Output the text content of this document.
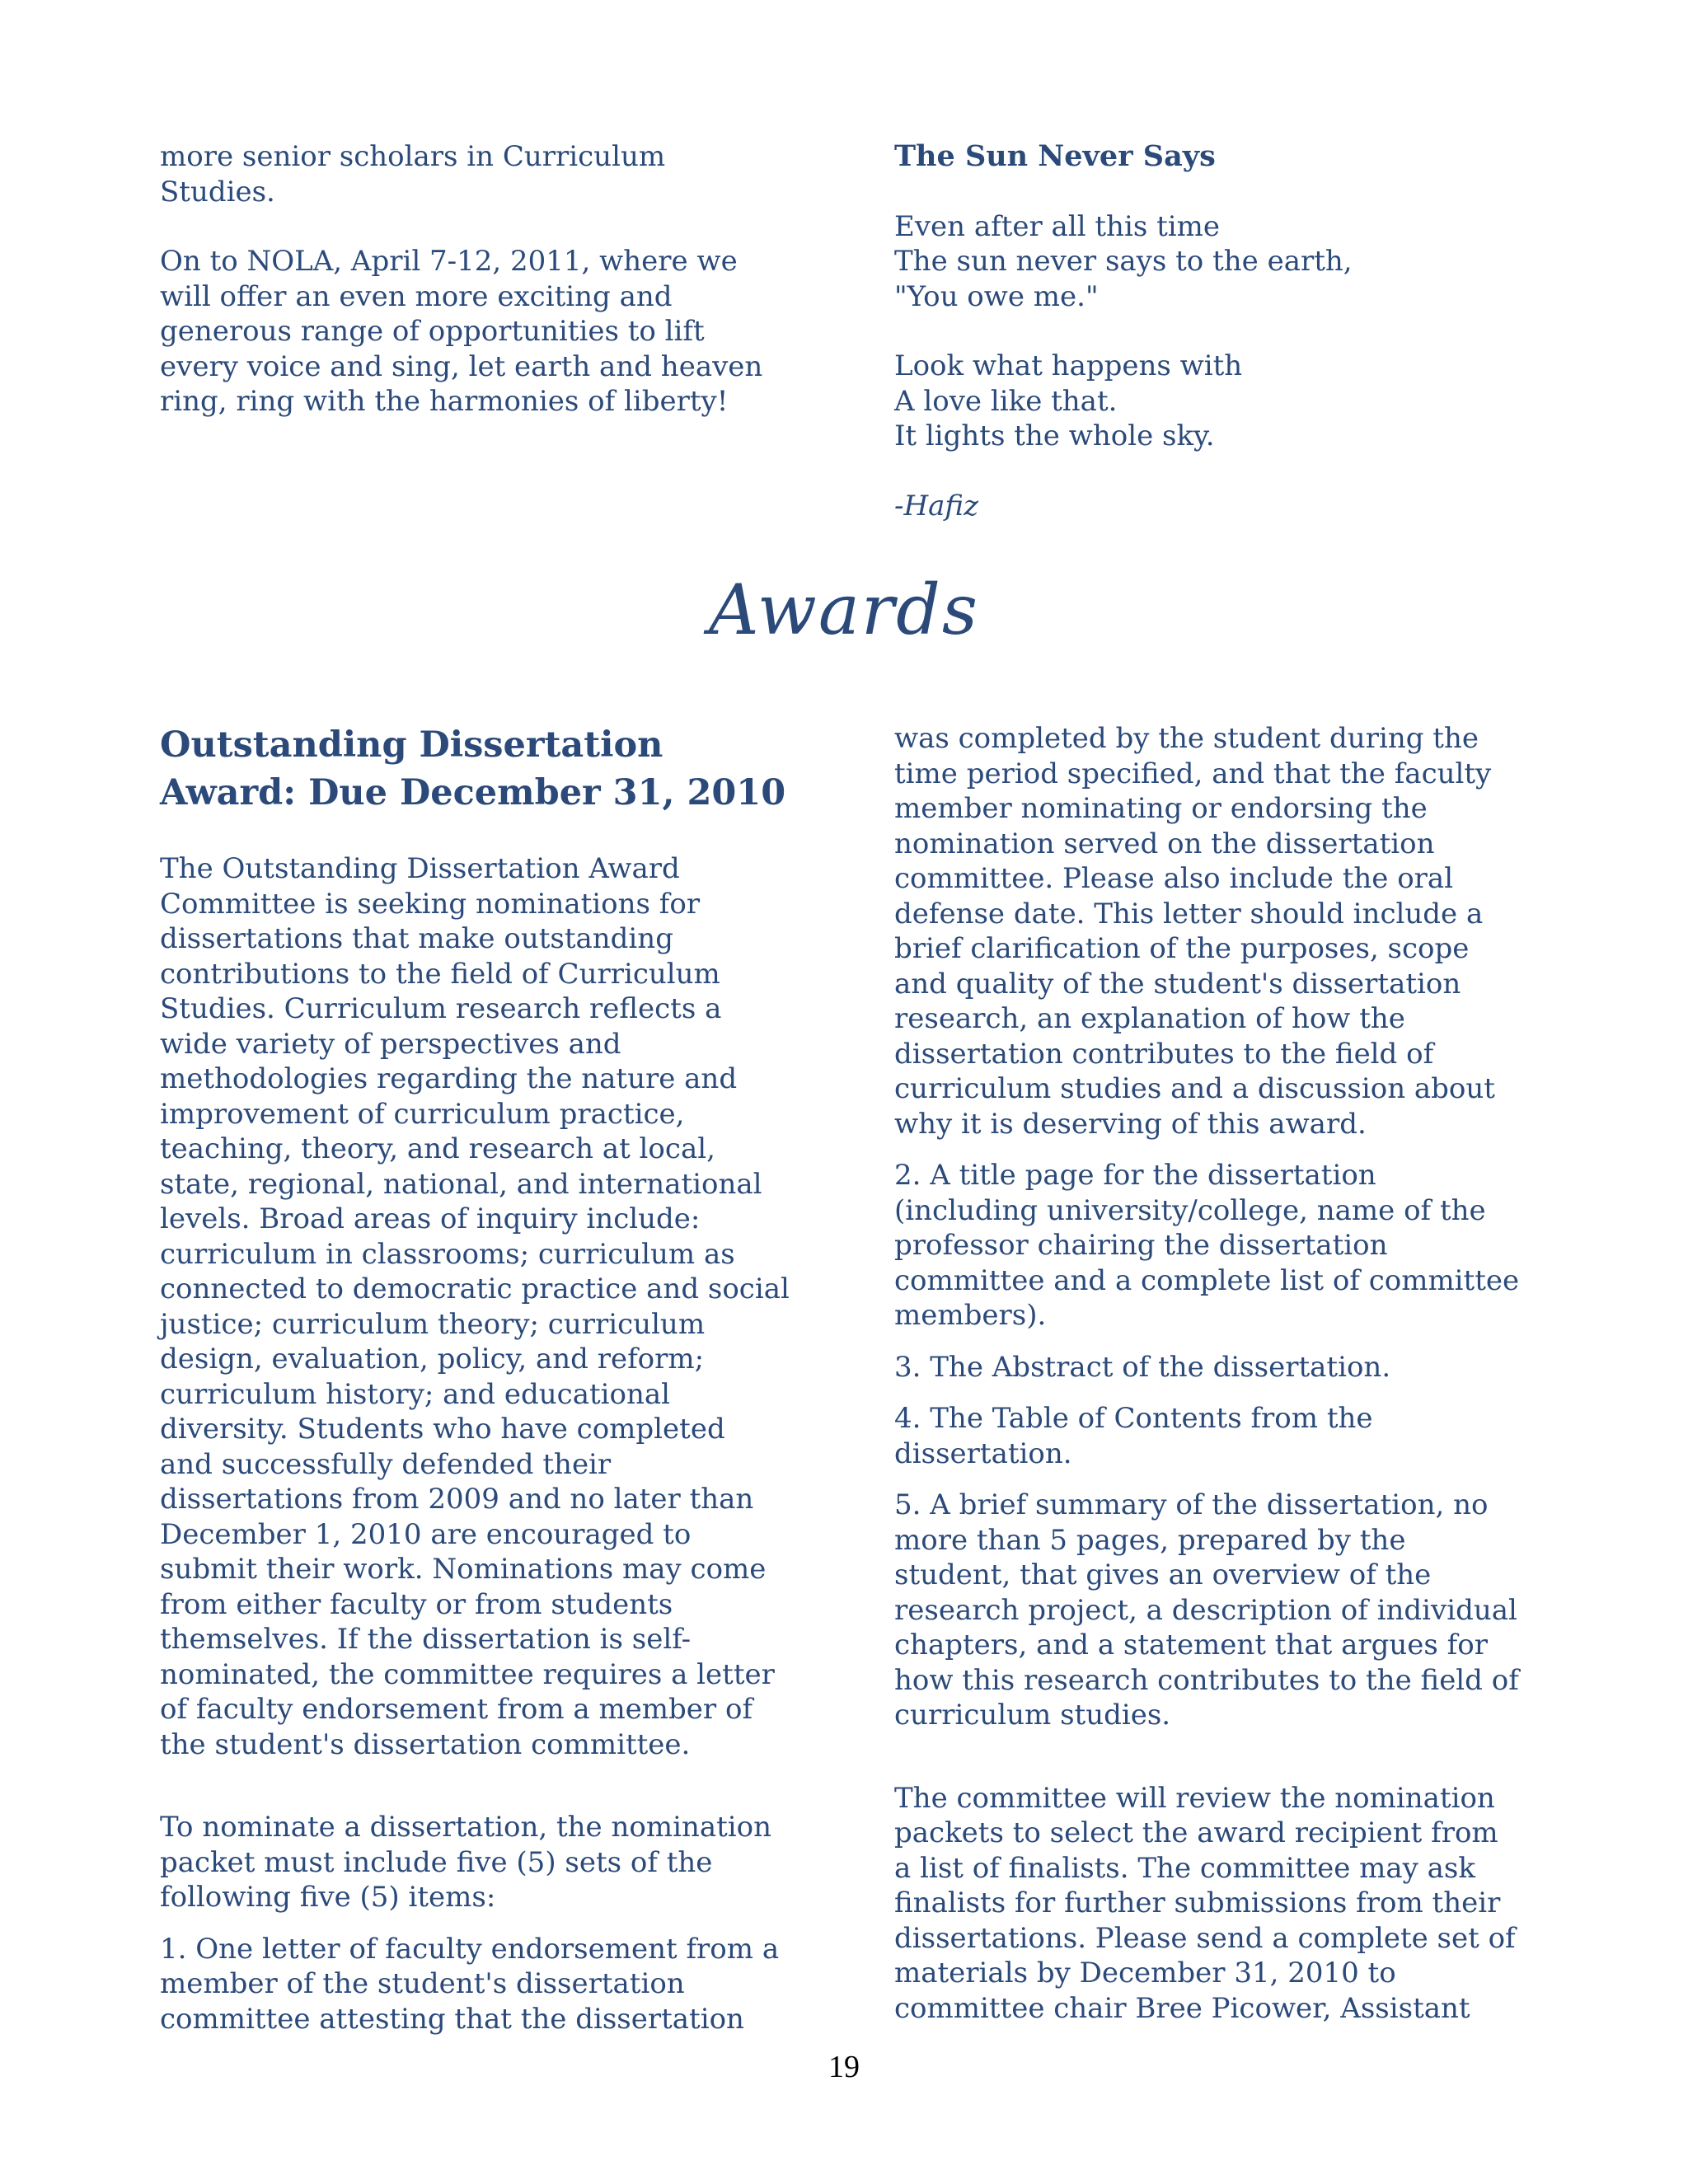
more senior scholars in Curriculum
Studies.

On to NOLA, April 7-12, 2011, where we
will offer an even more exciting and
generous range of opportunities to lift
every voice and sing, let earth and heaven
ring, ring with the harmonies of liberty!

The Sun Never Says

Even after all this time
The sun never says to the earth,
"You owe me."

Look what happens with
A love like that.
It lights the whole sky.

-Hafiz

Awards

Outstanding Dissertation
Award: Due December 31, 2010

The Outstanding Dissertation Award
Committee is seeking nominations for
dissertations that make outstanding
contributions to the field of Curriculum
Studies. Curriculum research reflects a
wide variety of perspectives and
methodologies regarding the nature and
improvement of curriculum practice,
teaching, theory, and research at local,
state, regional, national, and international
levels. Broad areas of inquiry include:
curriculum in classrooms; curriculum as
connected to democratic practice and social
justice; curriculum theory; curriculum
design, evaluation, policy, and reform;
curriculum history; and educational
diversity. Students who have completed
and successfully defended their
dissertations from 2009 and no later than
December 1, 2010 are encouraged to
submit their work. Nominations may come
from either faculty or from students
themselves. If the dissertation is self-
nominated, the committee requires a letter
of faculty endorsement from a member of
the student's dissertation committee.

To nominate a dissertation, the nomination
packet must include five (5) sets of the
following five (5) items:

1. One letter of faculty endorsement from a
member of the student's dissertation
committee attesting that the dissertation

was completed by the student during the
time period specified, and that the faculty
member nominating or endorsing the
nomination served on the dissertation
committee. Please also include the oral
defense date. This letter should include a
brief clarification of the purposes, scope
and quality of the student's dissertation
research, an explanation of how the
dissertation contributes to the field of
curriculum studies and a discussion about
why it is deserving of this award.

2. A title page for the dissertation
(including university/college, name of the
professor chairing the dissertation
committee and a complete list of committee
members).

3. The Abstract of the dissertation.

4. The Table of Contents from the
dissertation.

5. A brief summary of the dissertation, no
more than 5 pages, prepared by the
student, that gives an overview of the
research project, a description of individual
chapters, and a statement that argues for
how this research contributes to the field of
curriculum studies.

The committee will review the nomination
packets to select the award recipient from
a list of finalists. The committee may ask
finalists for further submissions from their
dissertations. Please send a complete set of
materials by December 31, 2010 to
committee chair Bree Picower, Assistant

19
